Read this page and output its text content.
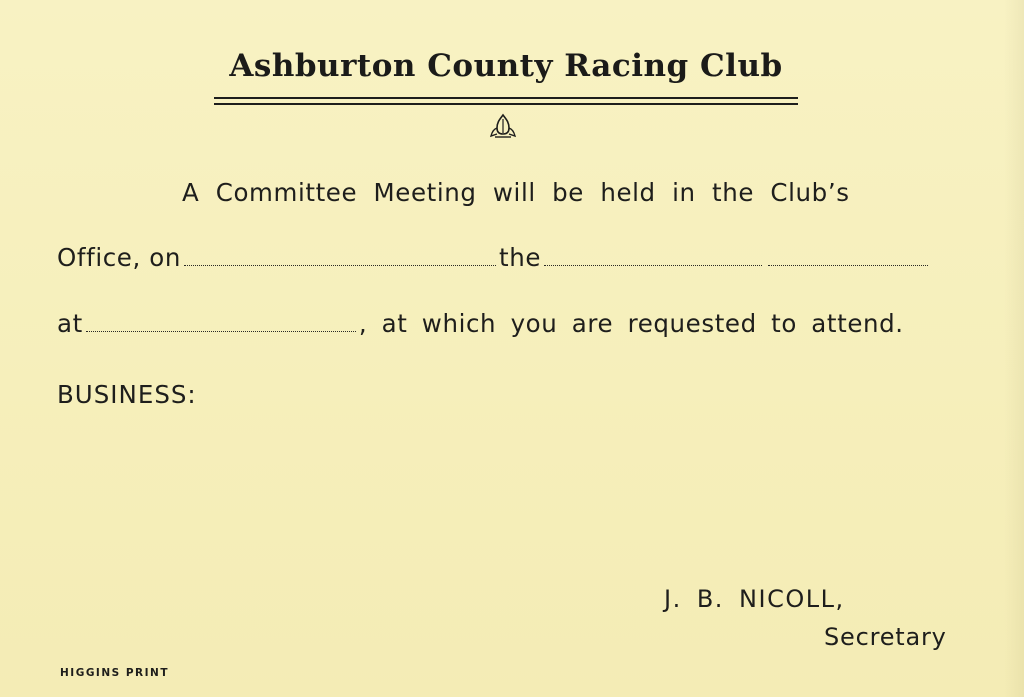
Ashburton County Racing Club
A Committee Meeting will be held in the Club’s
Office, on	the
at	, at which you are requested to attend.
BUSINESS:
J. B. NICOLL,
Secretary
HIGGINS PRINT
